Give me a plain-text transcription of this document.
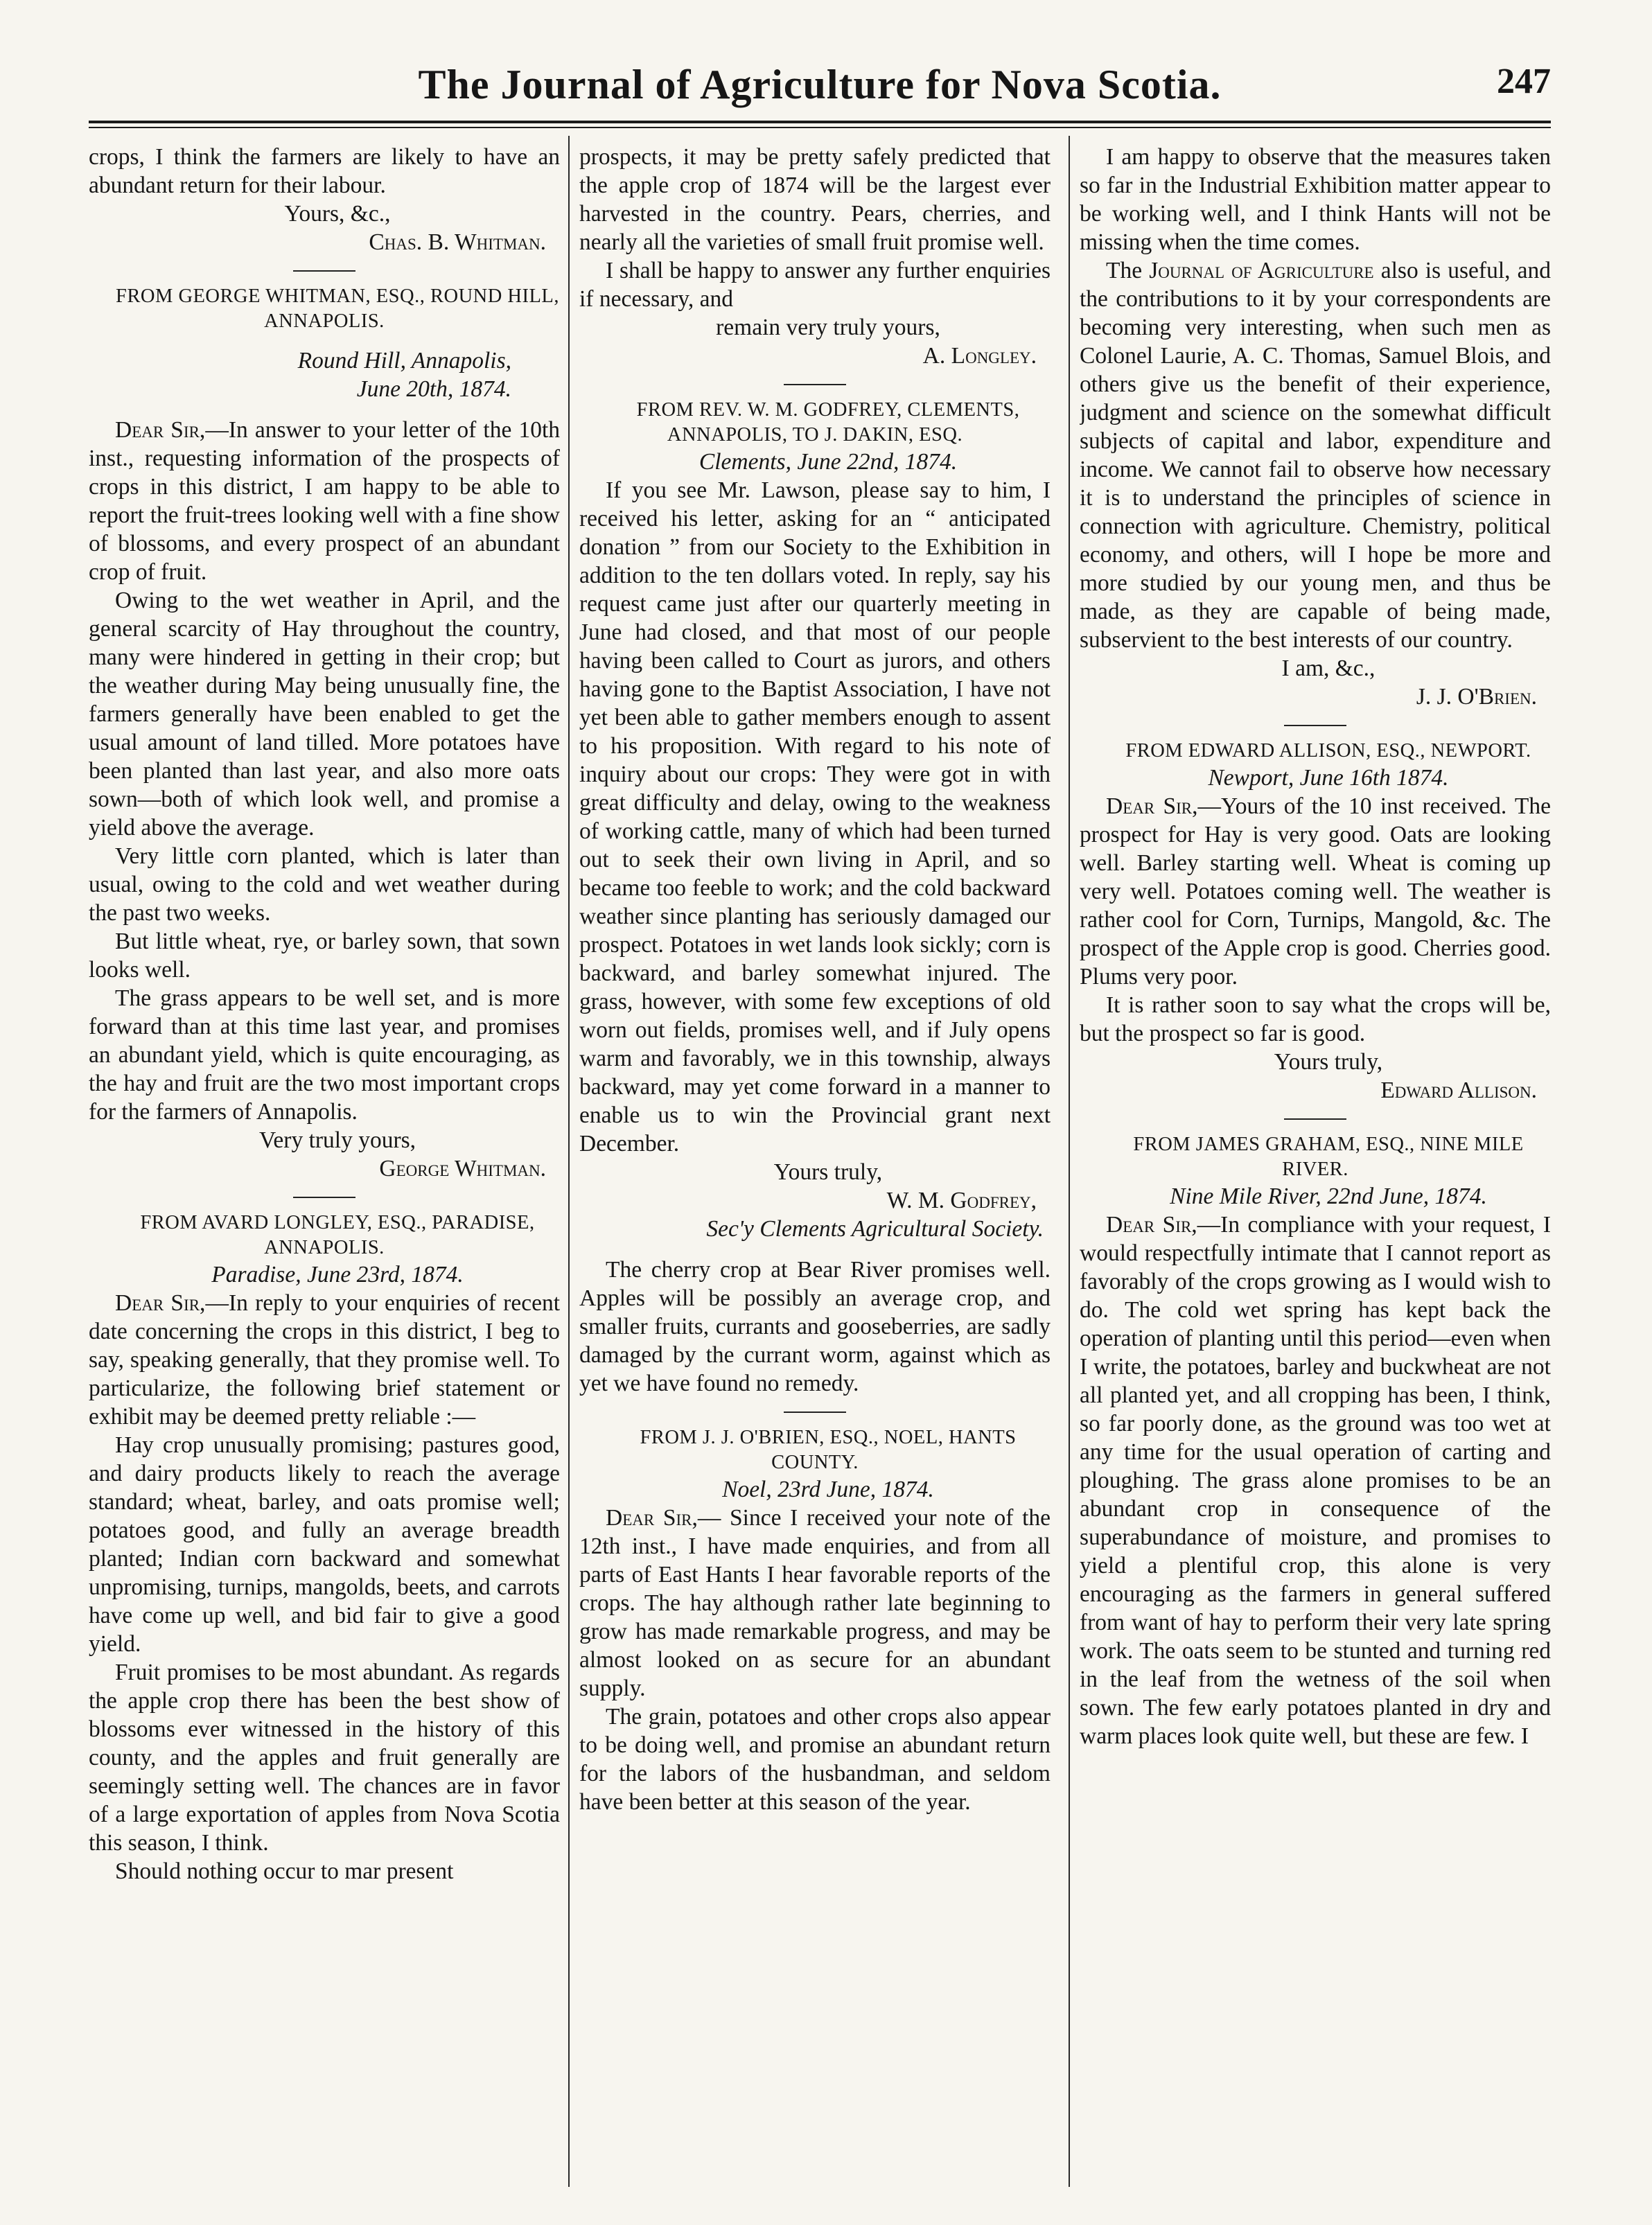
The Journal of Agriculture for Nova Scotia.	247

crops, I think the farmers are likely to have an abundant return for their labour.

Yours, &c.,

Chas. B. Whitman.

FROM GEORGE WHITMAN, ESQ., ROUND HILL, ANNAPOLIS.

Round Hill, Annapolis,

June 20th, 1874.

Dear Sir,—In answer to your letter of the 10th inst., requesting information of the prospects of crops in this district, I am happy to be able to report the fruit-trees looking well with a fine show of blossoms, and every prospect of an abundant crop of fruit.

Owing to the wet weather in April, and the general scarcity of Hay throughout the country, many were hindered in getting in their crop; but the weather during May being unusually fine, the farmers generally have been enabled to get the usual amount of land tilled. More potatoes have been planted than last year, and also more oats sown—both of which look well, and promise a yield above the average.

Very little corn planted, which is later than usual, owing to the cold and wet weather during the past two weeks.

But little wheat, rye, or barley sown, that sown looks well.

The grass appears to be well set, and is more forward than at this time last year, and promises an abundant yield, which is quite encouraging, as the hay and fruit are the two most important crops for the farmers of Annapolis.

Very truly yours,

George Whitman.

FROM AVARD LONGLEY, ESQ., PARADISE, ANNAPOLIS.

Paradise, June 23rd, 1874.

Dear Sir,—In reply to your enquiries of recent date concerning the crops in this district, I beg to say, speaking generally, that they promise well. To particularize, the following brief statement or exhibit may be deemed pretty reliable :—

Hay crop unusually promising; pastures good, and dairy products likely to reach the average standard; wheat, barley, and oats promise well; potatoes good, and fully an average breadth planted; Indian corn backward and somewhat unpromising, turnips, mangolds, beets, and carrots have come up well, and bid fair to give a good yield.

Fruit promises to be most abundant. As regards the apple crop there has been the best show of blossoms ever witnessed in the history of this county, and the apples and fruit generally are seemingly setting well. The chances are in favor of a large exportation of apples from Nova Scotia this season, I think.

Should nothing occur to mar present

prospects, it may be pretty safely predicted that the apple crop of 1874 will be the largest ever harvested in the country. Pears, cherries, and nearly all the varieties of small fruit promise well.

I shall be happy to answer any further enquiries if necessary, and

remain very truly yours,

A. Longley.

FROM REV. W. M. GODFREY, CLEMENTS, ANNAPOLIS, TO J. DAKIN, ESQ.

Clements, June 22nd, 1874.

If you see Mr. Lawson, please say to him, I received his letter, asking for an “ anticipated donation ” from our Society to the Exhibition in addition to the ten dollars voted. In reply, say his request came just after our quarterly meeting in June had closed, and that most of our people having been called to Court as jurors, and others having gone to the Baptist Association, I have not yet been able to gather members enough to assent to his proposition. With regard to his note of inquiry about our crops: They were got in with great difficulty and delay, owing to the weakness of working cattle, many of which had been turned out to seek their own living in April, and so became too feeble to work; and the cold backward weather since planting has seriously damaged our prospect. Potatoes in wet lands look sickly; corn is backward, and barley somewhat injured. The grass, however, with some few exceptions of old worn out fields, promises well, and if July opens warm and favorably, we in this township, always backward, may yet come forward in a manner to enable us to win the Provincial grant next December.

Yours truly,

W. M. Godfrey,

Sec'y Clements Agricultural Society.

The cherry crop at Bear River promises well. Apples will be possibly an average crop, and smaller fruits, currants and gooseberries, are sadly damaged by the currant worm, against which as yet we have found no remedy.

FROM J. J. O'BRIEN, ESQ., NOEL, HANTS COUNTY.

Noel, 23rd June, 1874.

Dear Sir,— Since I received your note of the 12th inst., I have made enquiries, and from all parts of East Hants I hear favorable reports of the crops. The hay although rather late beginning to grow has made remarkable progress, and may be almost looked on as secure for an abundant supply.

The grain, potatoes and other crops also appear to be doing well, and promise an abundant return for the labors of the husbandman, and seldom have been better at this season of the year.

I am happy to observe that the measures taken so far in the Industrial Exhibition matter appear to be working well, and I think Hants will not be missing when the time comes.

The Journal of Agriculture also is useful, and the contributions to it by your correspondents are becoming very interesting, when such men as Colonel Laurie, A. C. Thomas, Samuel Blois, and others give us the benefit of their experience, judgment and science on the somewhat difficult subjects of capital and labor, expenditure and income. We cannot fail to observe how necessary it is to understand the principles of science in connection with agriculture. Chemistry, political economy, and others, will I hope be more and more studied by our young men, and thus be made, as they are capable of being made, subservient to the best interests of our country.

I am, &c.,

J. J. O'Brien.

FROM EDWARD ALLISON, ESQ., NEWPORT.

Newport, June 16th 1874.

Dear Sir,—Yours of the 10 inst received. The prospect for Hay is very good. Oats are looking well. Barley starting well. Wheat is coming up very well. Potatoes coming well. The weather is rather cool for Corn, Turnips, Mangold, &c. The prospect of the Apple crop is good. Cherries good. Plums very poor.

It is rather soon to say what the crops will be, but the prospect so far is good.

Yours truly,

Edward Allison.

FROM JAMES GRAHAM, ESQ., NINE MILE RIVER.

Nine Mile River, 22nd June, 1874.

Dear Sir,—In compliance with your request, I would respectfully intimate that I cannot report as favorably of the crops growing as I would wish to do. The cold wet spring has kept back the operation of planting until this period—even when I write, the potatoes, barley and buckwheat are not all planted yet, and all cropping has been, I think, so far poorly done, as the ground was too wet at any time for the usual operation of carting and ploughing. The grass alone promises to be an abundant crop in consequence of the superabundance of moisture, and promises to yield a plentiful crop, this alone is very encouraging as the farmers in general suffered from want of hay to perform their very late spring work. The oats seem to be stunted and turning red in the leaf from the wetness of the soil when sown. The few early potatoes planted in dry and warm places look quite well, but these are few. I
